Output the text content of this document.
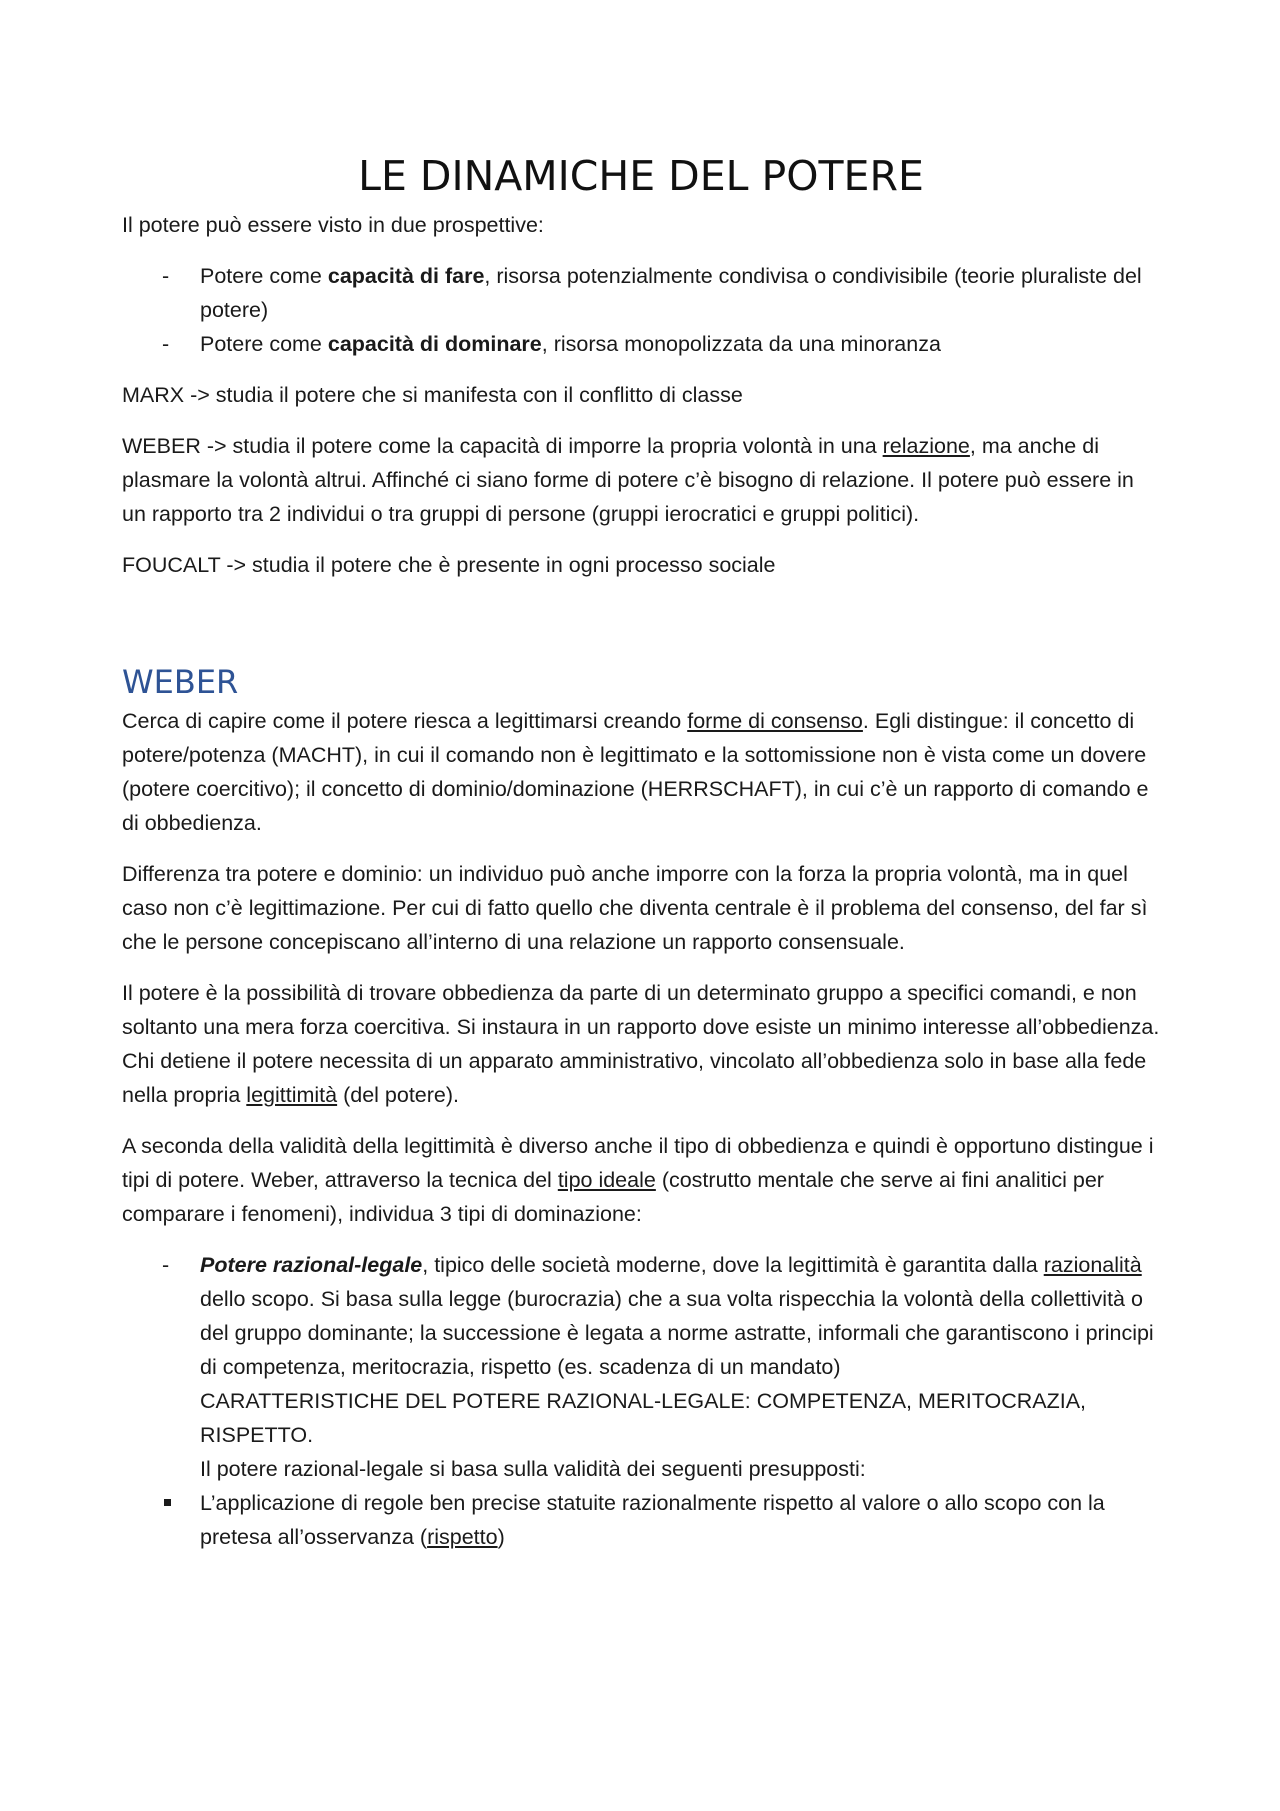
LE DINAMICHE DEL POTERE

Il potere può essere visto in due prospettive:

- Potere come capacità di fare, risorsa potenzialmente condivisa o condivisibile (teorie pluraliste del potere)
- Potere come capacità di dominare, risorsa monopolizzata da una minoranza

MARX -> studia il potere che si manifesta con il conflitto di classe

WEBER -> studia il potere come la capacità di imporre la propria volontà in una relazione, ma anche di plasmare la volontà altrui. Affinché ci siano forme di potere c’è bisogno di relazione. Il potere può essere in un rapporto tra 2 individui o tra gruppi di persone (gruppi ierocratici e gruppi politici).

FOUCALT -> studia il potere che è presente in ogni processo sociale

WEBER

Cerca di capire come il potere riesca a legittimarsi creando forme di consenso. Egli distingue: il concetto di potere/potenza (MACHT), in cui il comando non è legittimato e la sottomissione non è vista come un dovere (potere coercitivo); il concetto di dominio/dominazione (HERRSCHAFT), in cui c’è un rapporto di comando e di obbedienza.

Differenza tra potere e dominio: un individuo può anche imporre con la forza la propria volontà, ma in quel caso non c’è legittimazione. Per cui di fatto quello che diventa centrale è il problema del consenso, del far sì che le persone concepiscano all’interno di una relazione un rapporto consensuale.

Il potere è la possibilità di trovare obbedienza da parte di un determinato gruppo a specifici comandi, e non soltanto una mera forza coercitiva. Si instaura in un rapporto dove esiste un minimo interesse all’obbedienza. Chi detiene il potere necessita di un apparato amministrativo, vincolato all’obbedienza solo in base alla fede nella propria legittimità (del potere).

A seconda della validità della legittimità è diverso anche il tipo di obbedienza e quindi è opportuno distingue i tipi di potere. Weber, attraverso la tecnica del tipo ideale (costrutto mentale che serve ai fini analitici per comparare i fenomeni), individua 3 tipi di dominazione:

- Potere razional-legale, tipico delle società moderne, dove la legittimità è garantita dalla razionalità dello scopo. Si basa sulla legge (burocrazia) che a sua volta rispecchia la volontà della collettività o del gruppo dominante; la successione è legata a norme astratte, informali che garantiscono i principi di competenza, meritocrazia, rispetto (es. scadenza di un mandato)
CARATTERISTICHE DEL POTERE RAZIONAL-LEGALE: COMPETENZA, MERITOCRAZIA, RISPETTO.
Il potere razional-legale si basa sulla validità dei seguenti presupposti:
L’applicazione di regole ben precise statuite razionalmente rispetto al valore o allo scopo con la pretesa all’osservanza (rispetto)
